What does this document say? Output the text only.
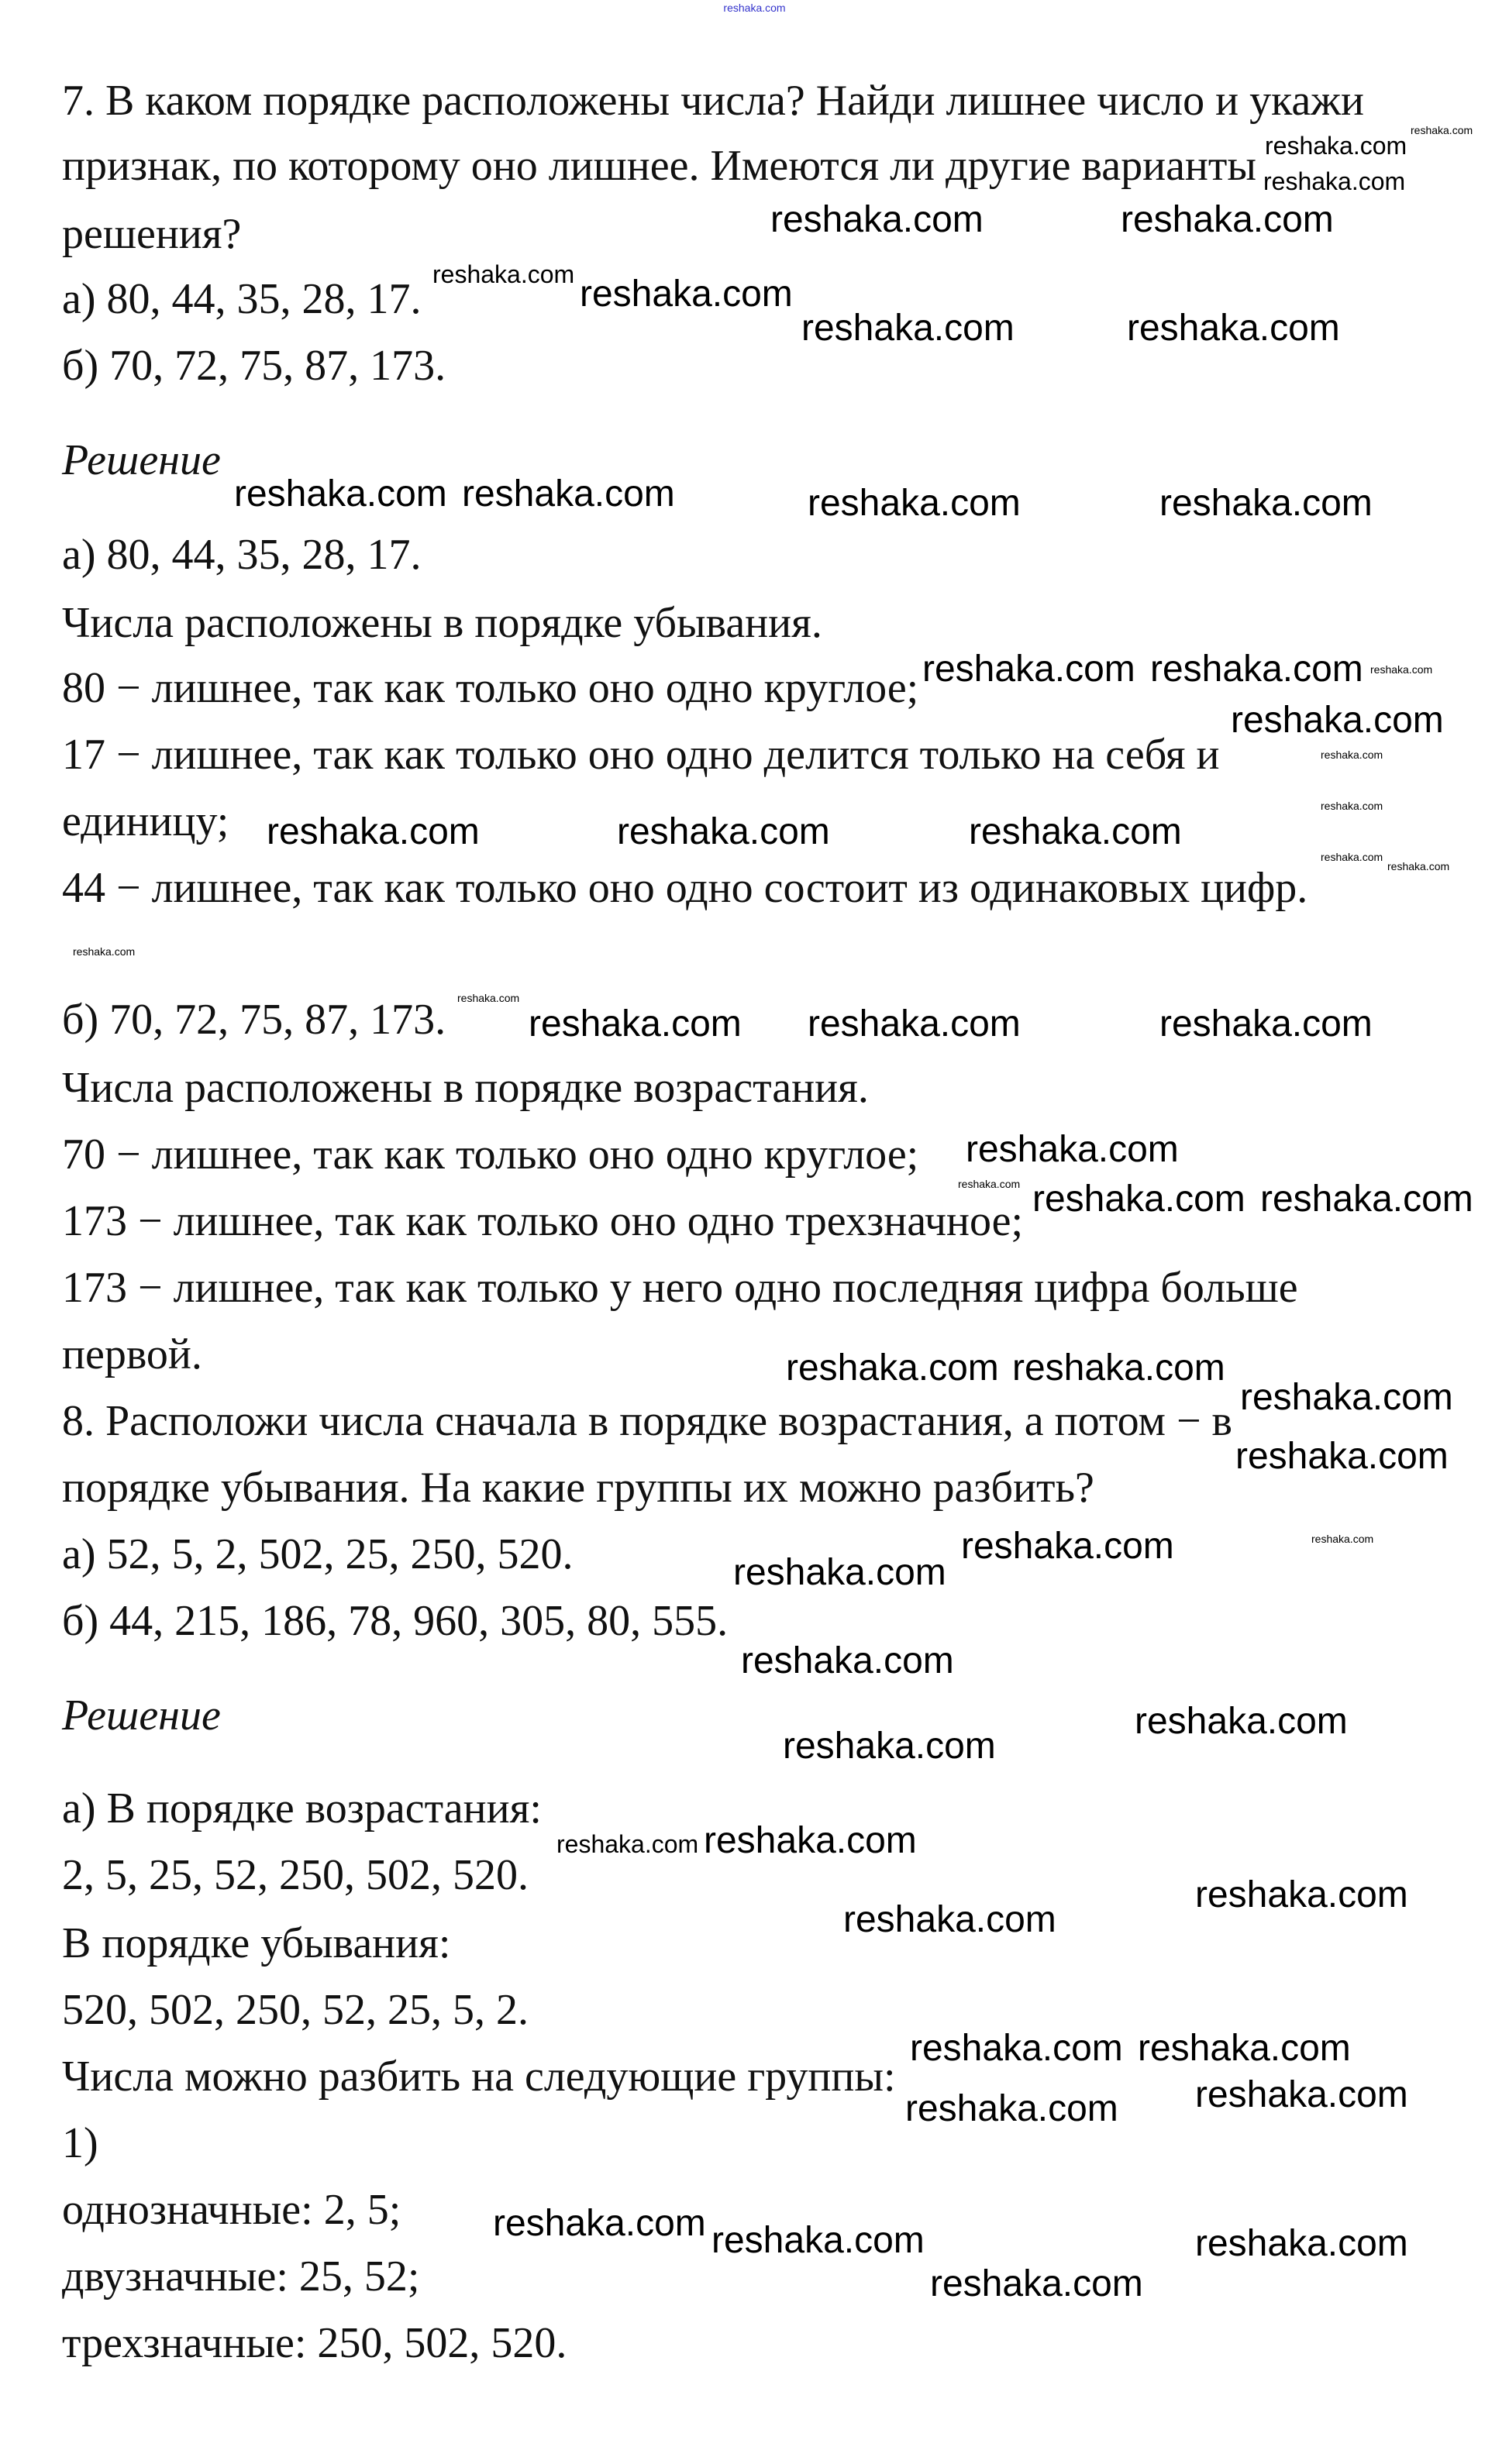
reshaka.com
7. В каком порядке расположены числа? Найди лишнее число и укажи
признак, по которому оно лишнее. Имеются ли другие варианты
решения?
а) 80, 44, 35, 28, 17.
б) 70, 72, 75, 87, 173.
Решение
а) 80, 44, 35, 28, 17.
Числа расположены в порядке убывания.
80 − лишнее, так как только оно одно круглое;
17 − лишнее, так как только оно одно делится только на себя и
единицу;
44 − лишнее, так как только оно одно состоит из одинаковых цифр.
б) 70, 72, 75, 87, 173.
Числа расположены в порядке возрастания.
70 − лишнее, так как только оно одно круглое;
173 − лишнее, так как только оно одно трехзначное;
173 − лишнее, так как только у него одно последняя цифра больше
первой.
8. Расположи числа сначала в порядке возрастания, а потом − в
порядке убывания. На какие группы их можно разбить?
а) 52, 5, 2, 502, 25, 250, 520.
б) 44, 215, 186, 78, 960, 305, 80, 555.
Решение
а) В порядке возрастания:
2, 5, 25, 52, 250, 502, 520.
В порядке убывания:
520, 502, 250, 52, 25, 5, 2.
Числа можно разбить на следующие группы:
1)
однозначные: 2, 5;
двузначные: 25, 52;
трехзначные: 250, 502, 520.
reshaka.com
reshaka.com
reshaka.com
reshaka.com	reshaka.com
reshaka.com reshaka.com
reshaka.com	reshaka.com
reshaka.com reshaka.com	reshaka.com	reshaka.com
reshaka.com reshaka.com
reshaka.com
reshaka.com
reshaka.com
reshaka.com
reshaka.com
reshaka.com	reshaka.com	reshaka.com
reshaka.com
reshaka.com
reshaka.com
reshaka.com reshaka.com	reshaka.com
reshaka.com reshaka.com
reshaka.com
reshaka.com
reshaka.com
reshaka.com reshaka.com
reshaka.com
reshaka.com	reshaka.com
reshaka.com
reshaka.com
reshaka.com
reshaka.com
reshaka.com reshaka.com
reshaka.com
reshaka.com
reshaka.com reshaka.com
reshaka.com
reshaka.com
reshaka.com reshaka.com	reshaka.com
reshaka.com
